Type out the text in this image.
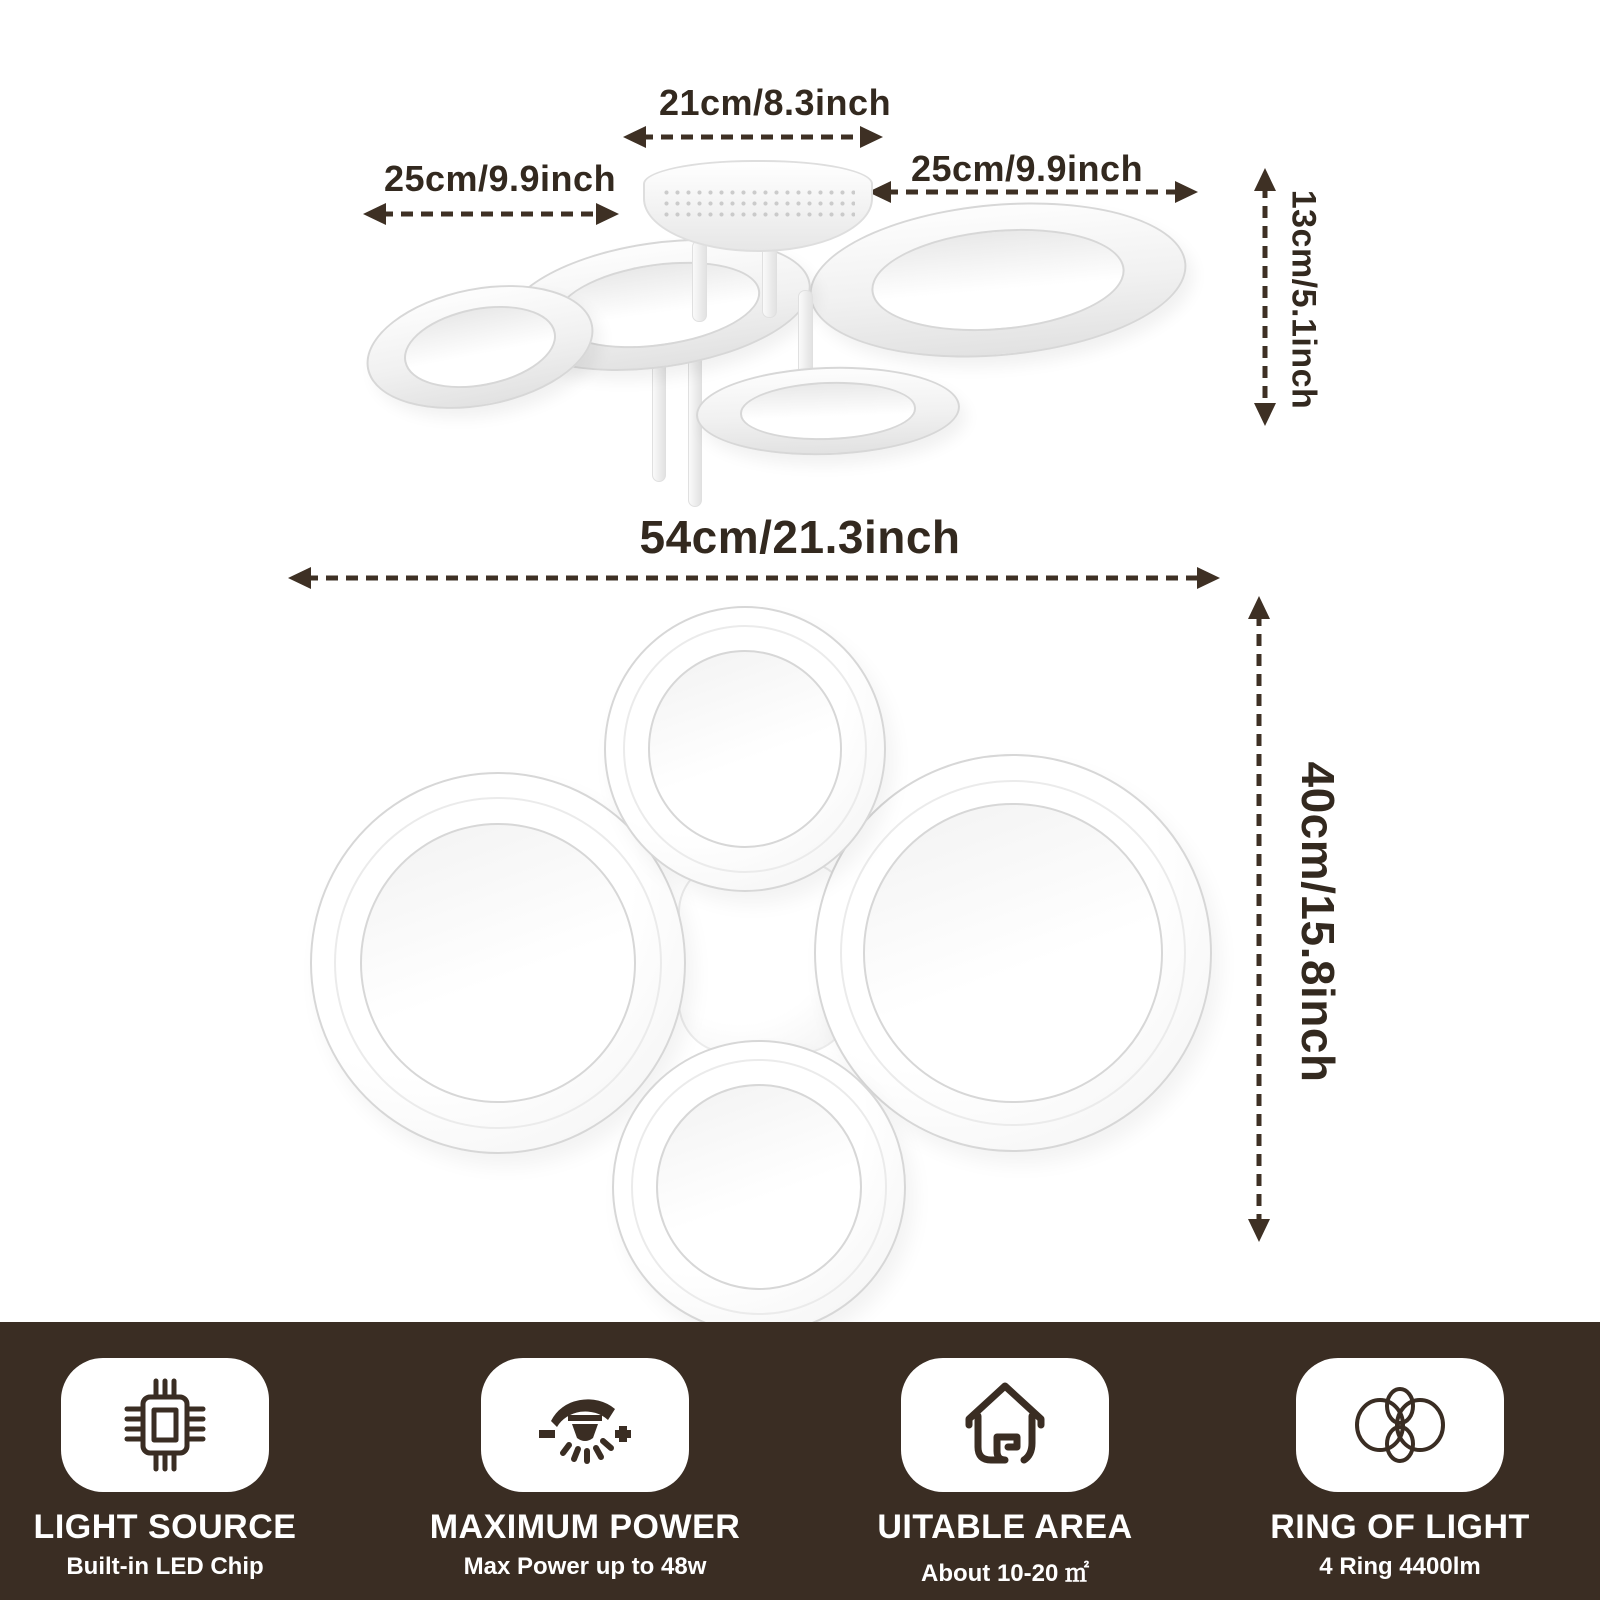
21cm/8.3inch
25cm/9.9inch	25cm/9.9inch
13cm/5.1inch
54cm/21.3inch
40cm/15.8inch
LIGHT SOURCE
Built-in LED Chip
MAXIMUM POWER
Max Power up to 48w
UITABLE AREA
About 10-20 ㎡
RING OF LIGHT
4 Ring 4400lm
